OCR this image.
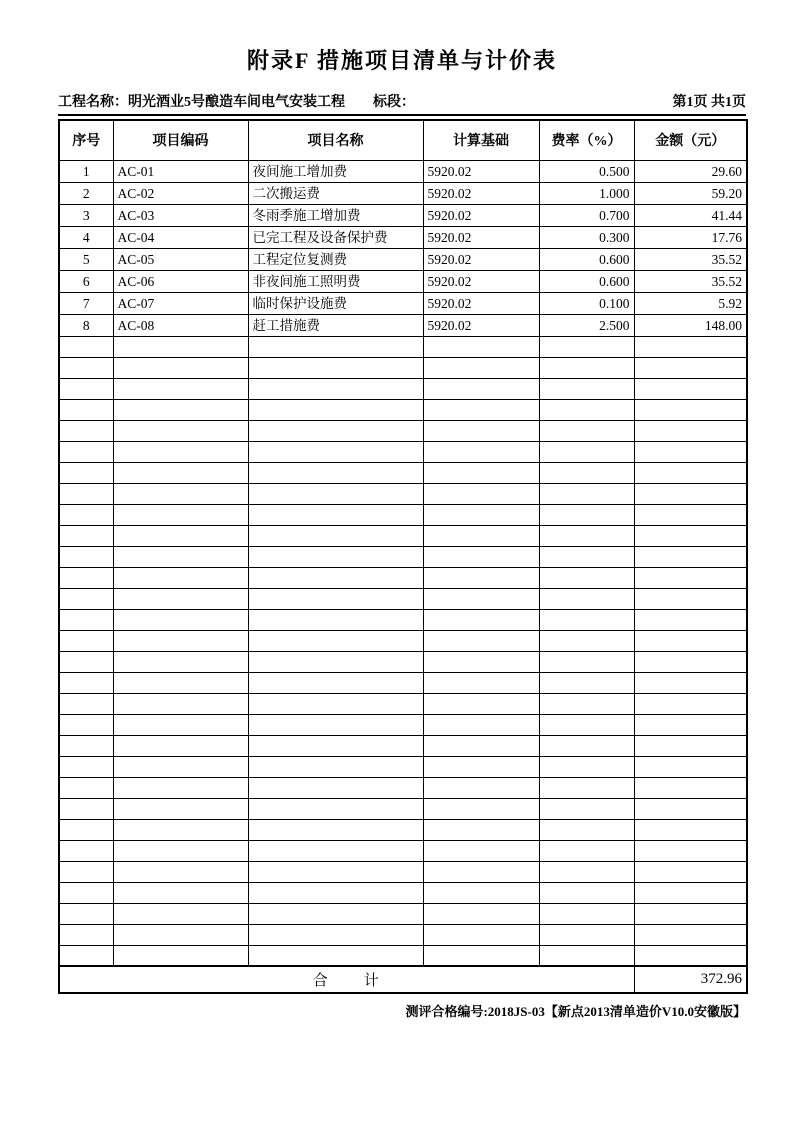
附录F 措施项目清单与计价表
工程名称： 明光酒业5号酿造车间电气安装工程 标段：	第1页 共1页
序号	项目编码	项目名称	计算基础	费率（%）	金额（元）
1	AC-01	夜间施工增加费	5920.02	0.500	29.60
2	AC-02	二次搬运费	5920.02	1.000	59.20
3	AC-03	冬雨季施工增加费	5920.02	0.700	41.44
4	AC-04	已完工程及设备保护费	5920.02	0.300	17.76
5	AC-05	工程定位复测费	5920.02	0.600	35.52
6	AC-06	非夜间施工照明费	5920.02	0.600	35.52
7	AC-07	临时保护设施费	5920.02	0.100	5.92
8	AC-08	赶工措施费	5920.02	2.500	148.00

合　　计					372.96
测评合格编号:2018JS-03【新点2013清单造价V10.0安徽版】
